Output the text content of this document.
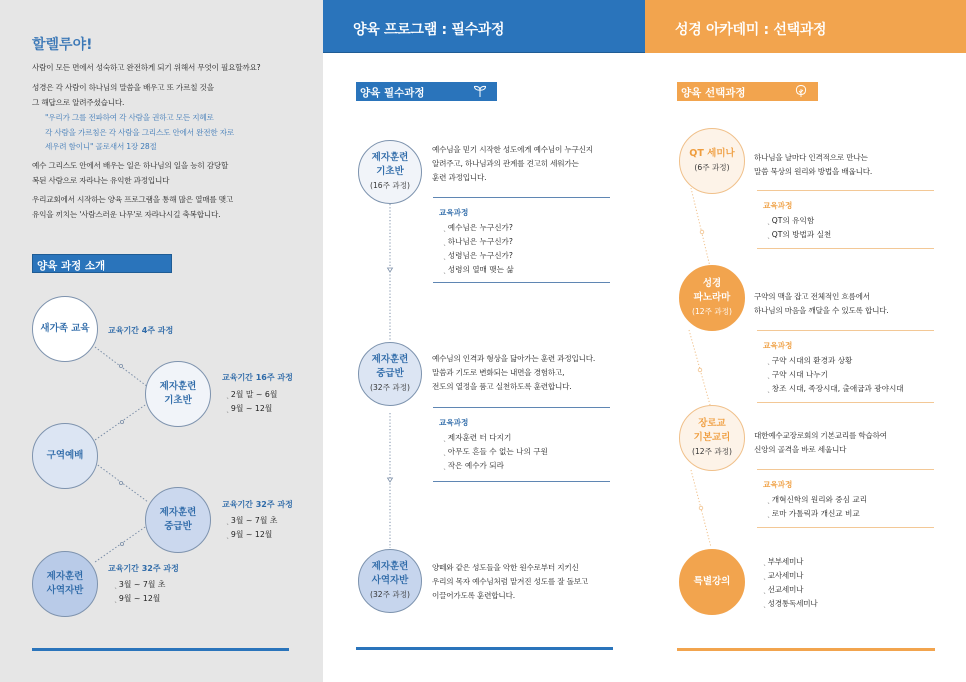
할렐루야!

사람이 모든 면에서 성숙하고 완전하게 되기 위해서 무엇이 필요할까요?

성경은 각 사람이 하나님의 말씀을 배우고 또 가르칠 것을
그 해답으로 알려주셨습니다.

"우리가 그를 전파하여 각 사람을 권하고 모든 지혜로
각 사람을 가르침은 각 사람을 그리스도 안에서 완전한 자로
세우려 함이니" 골로새서 1장 28절

예수 그리스도 안에서 배우는 일은 하나님의 일을 능히 감당할
복된 사람으로 자라나는 유익한 과정입니다

우리교회에서 시작하는 양육 프로그램을 통해 많은 열매를 맺고
유익을 끼치는 '사람스러운 나무'로 자라나시길 축복합니다.

양육 과정 소개
새가족 교육 교육기간 4주 과정
제자훈련
기초반
교육기간 16주 과정
ˎ 2월 말 ~ 6월
ˎ 9월 ~ 12월
구역예배
제자훈련
중급반
교육기간 32주 과정
ˎ 3월 ~ 7월 초
ˎ 9월 ~ 12월
제자훈련
사역자반
교육기간 32주 과정
ˎ 3월 ~ 7월 초
ˎ 9월 ~ 12월
양육 프로그램 : 필수과정
양육 필수과정
제자훈련
기초반
(16주 과정)
예수님을 믿기 시작한 성도에게 예수님이 누구신지
알려주고, 하나님과의 관계를 견고히 세워가는
훈련 과정입니다.
교육과정
ˎ 예수님은 누구신가?
ˎ 하나님은 누구신가?
ˎ 성령님은 누구신가?
ˎ 성령의 열매 맺는 삶
제자훈련
중급반
(32주 과정)
예수님의 인격과 형상을 닮아가는 훈련 과정입니다.
말씀과 기도로 변화되는 내면을 경험하고,
전도의 열정을 품고 실천하도록 훈련합니다.
교육과정
ˎ 제자훈련 터 다지기
ˎ 아무도 흔들 수 없는 나의 구원
ˎ 작은 예수가 되라
제자훈련
사역자반
(32주 과정)
양떼와 같은 성도들을 악한 원수로부터 지키신
우리의 목자 예수님처럼 맡겨진 성도를 잘 돌보고
이끌어가도록 훈련합니다.
성경 아카데미 : 선택과정
양육 선택과정
QT 세미나
(6주 과정)
하나님을 날마다 인격적으로 만나는
말씀 묵상의 원리와 방법을 배웁니다.
교육과정
ˎ QT의 유익함
ˎ QT의 방법과 실천
성경
파노라마
(12주 과정)
구약의 맥을 잡고 전체적인 흐름에서
하나님의 마음을 깨달을 수 있도록 합니다.
교육과정
ˎ 구약 시대의 환경과 상황
ˎ 구약 시대 나누기
ˎ 창조 시대, 족장시대, 출애굽과 광야시대
장로교
기본교리
(12주 과정)
대한예수교장로회의 기본교리를 학습하여
신앙의 골격을 바로 세웁니다
교육과정
ˎ 개혁신학의 원리와 중심 교리
ˎ 로마 가톨릭과 개신교 비교
특별강의
ˎ 부부세미나
ˎ 교사세미나
ˎ 선교세미나
ˎ 성경통독세미나
